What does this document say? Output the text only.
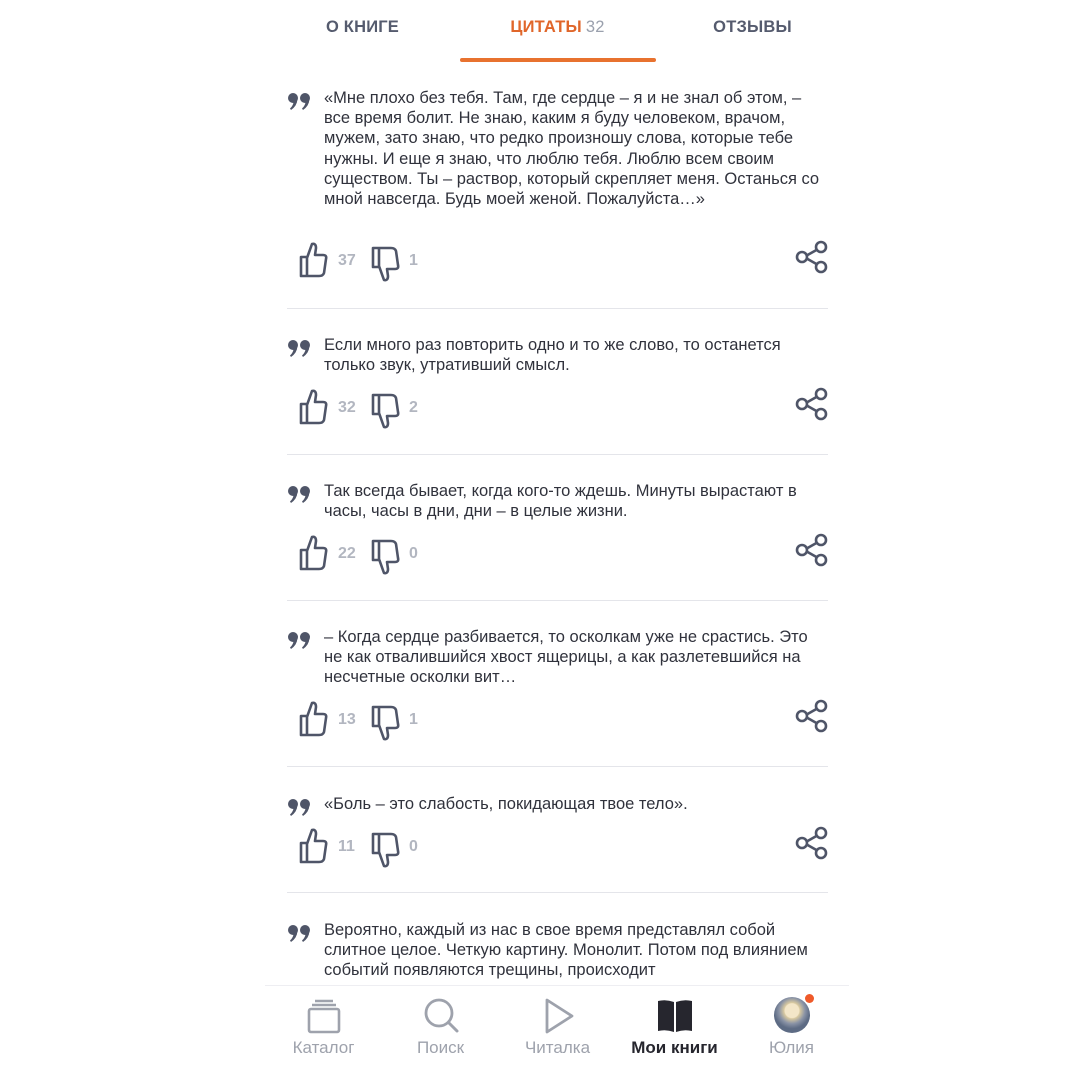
«Мне плохо без тебя. Там, где сердце – я и не знал об этом, – все время болит. Не знаю, каким я буду человеком, врачом, мужем, зато знаю, что редко произношу слова, которые тебе нужны. И еще я знаю, что люблю тебя. Люблю всем своим существом. Ты – раствор, который скрепляет меня. Останься со мной навсегда. Будь моей женой. Пожалуйста…»
37	1
Если много раз повторить одно и то же слово, то останется только звук, утративший смысл.
32	2
Так всегда бывает, когда кого-то ждешь. Минуты вырастают в часы, часы в дни, дни – в целые жизни.
22	0
– Когда сердце разбивается, то осколкам уже не срастись. Это не как отвалившийся хвост ящерицы, а как разлетевшийся на несчетные осколки вит…
13	1
«Боль – это слабость, покидающая твое тело».
11	0
Вероятно, каждый из нас в свое время представлял собой слитное целое. Четкую картину. Монолит. Потом под влиянием событий появляются трещины, происходит
О КНИГЕ	ЦИТАТЫ 32	ОТЗЫВЫ
Каталог	Поиск	Читалка	Мои книги	Юлия
